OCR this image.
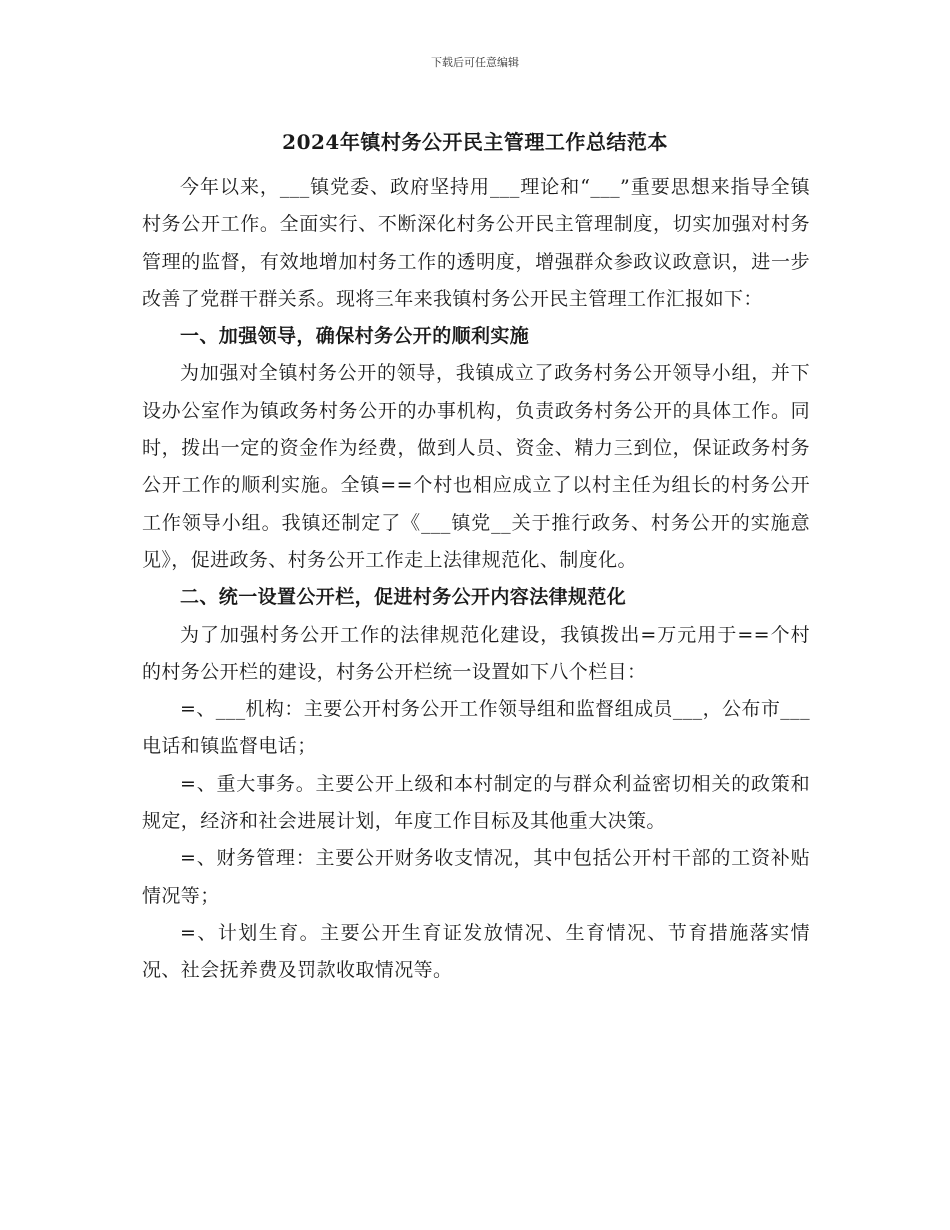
下载后可任意编辑
2024年镇村务公开民主管理工作总结范本

今年以来，___镇党委、政府坚持用___理论和“___”重要思想来指导全镇村务公开工作。全面实行、不断深化村务公开民主管理制度，切实加强对村务管理的监督，有效地增加村务工作的透明度，增强群众参政议政意识，进一步改善了党群干群关系。现将三年来我镇村务公开民主管理工作汇报如下：

一、加强领导，确保村务公开的顺利实施

为加强对全镇村务公开的领导，我镇成立了政务村务公开领导小组，并下设办公室作为镇政务村务公开的办事机构，负责政务村务公开的具体工作。同时，拨出一定的资金作为经费，做到人员、资金、精力三到位，保证政务村务公开工作的顺利实施。全镇==个村也相应成立了以村主任为组长的村务公开工作领导小组。我镇还制定了《___镇党__关于推行政务、村务公开的实施意见》，促进政务、村务公开工作走上法律规范化、制度化。

二、统一设置公开栏，促进村务公开内容法律规范化

为了加强村务公开工作的法律规范化建设，我镇拨出=万元用于==个村的村务公开栏的建设，村务公开栏统一设置如下八个栏目：

=、___机构：主要公开村务公开工作领导组和监督组成员___，公布市___电话和镇监督电话；

=、重大事务。主要公开上级和本村制定的与群众利益密切相关的政策和规定，经济和社会进展计划，年度工作目标及其他重大决策。

=、财务管理：主要公开财务收支情况，其中包括公开村干部的工资补贴情况等；

=、计划生育。主要公开生育证发放情况、生育情况、节育措施落实情况、社会抚养费及罚款收取情况等。
